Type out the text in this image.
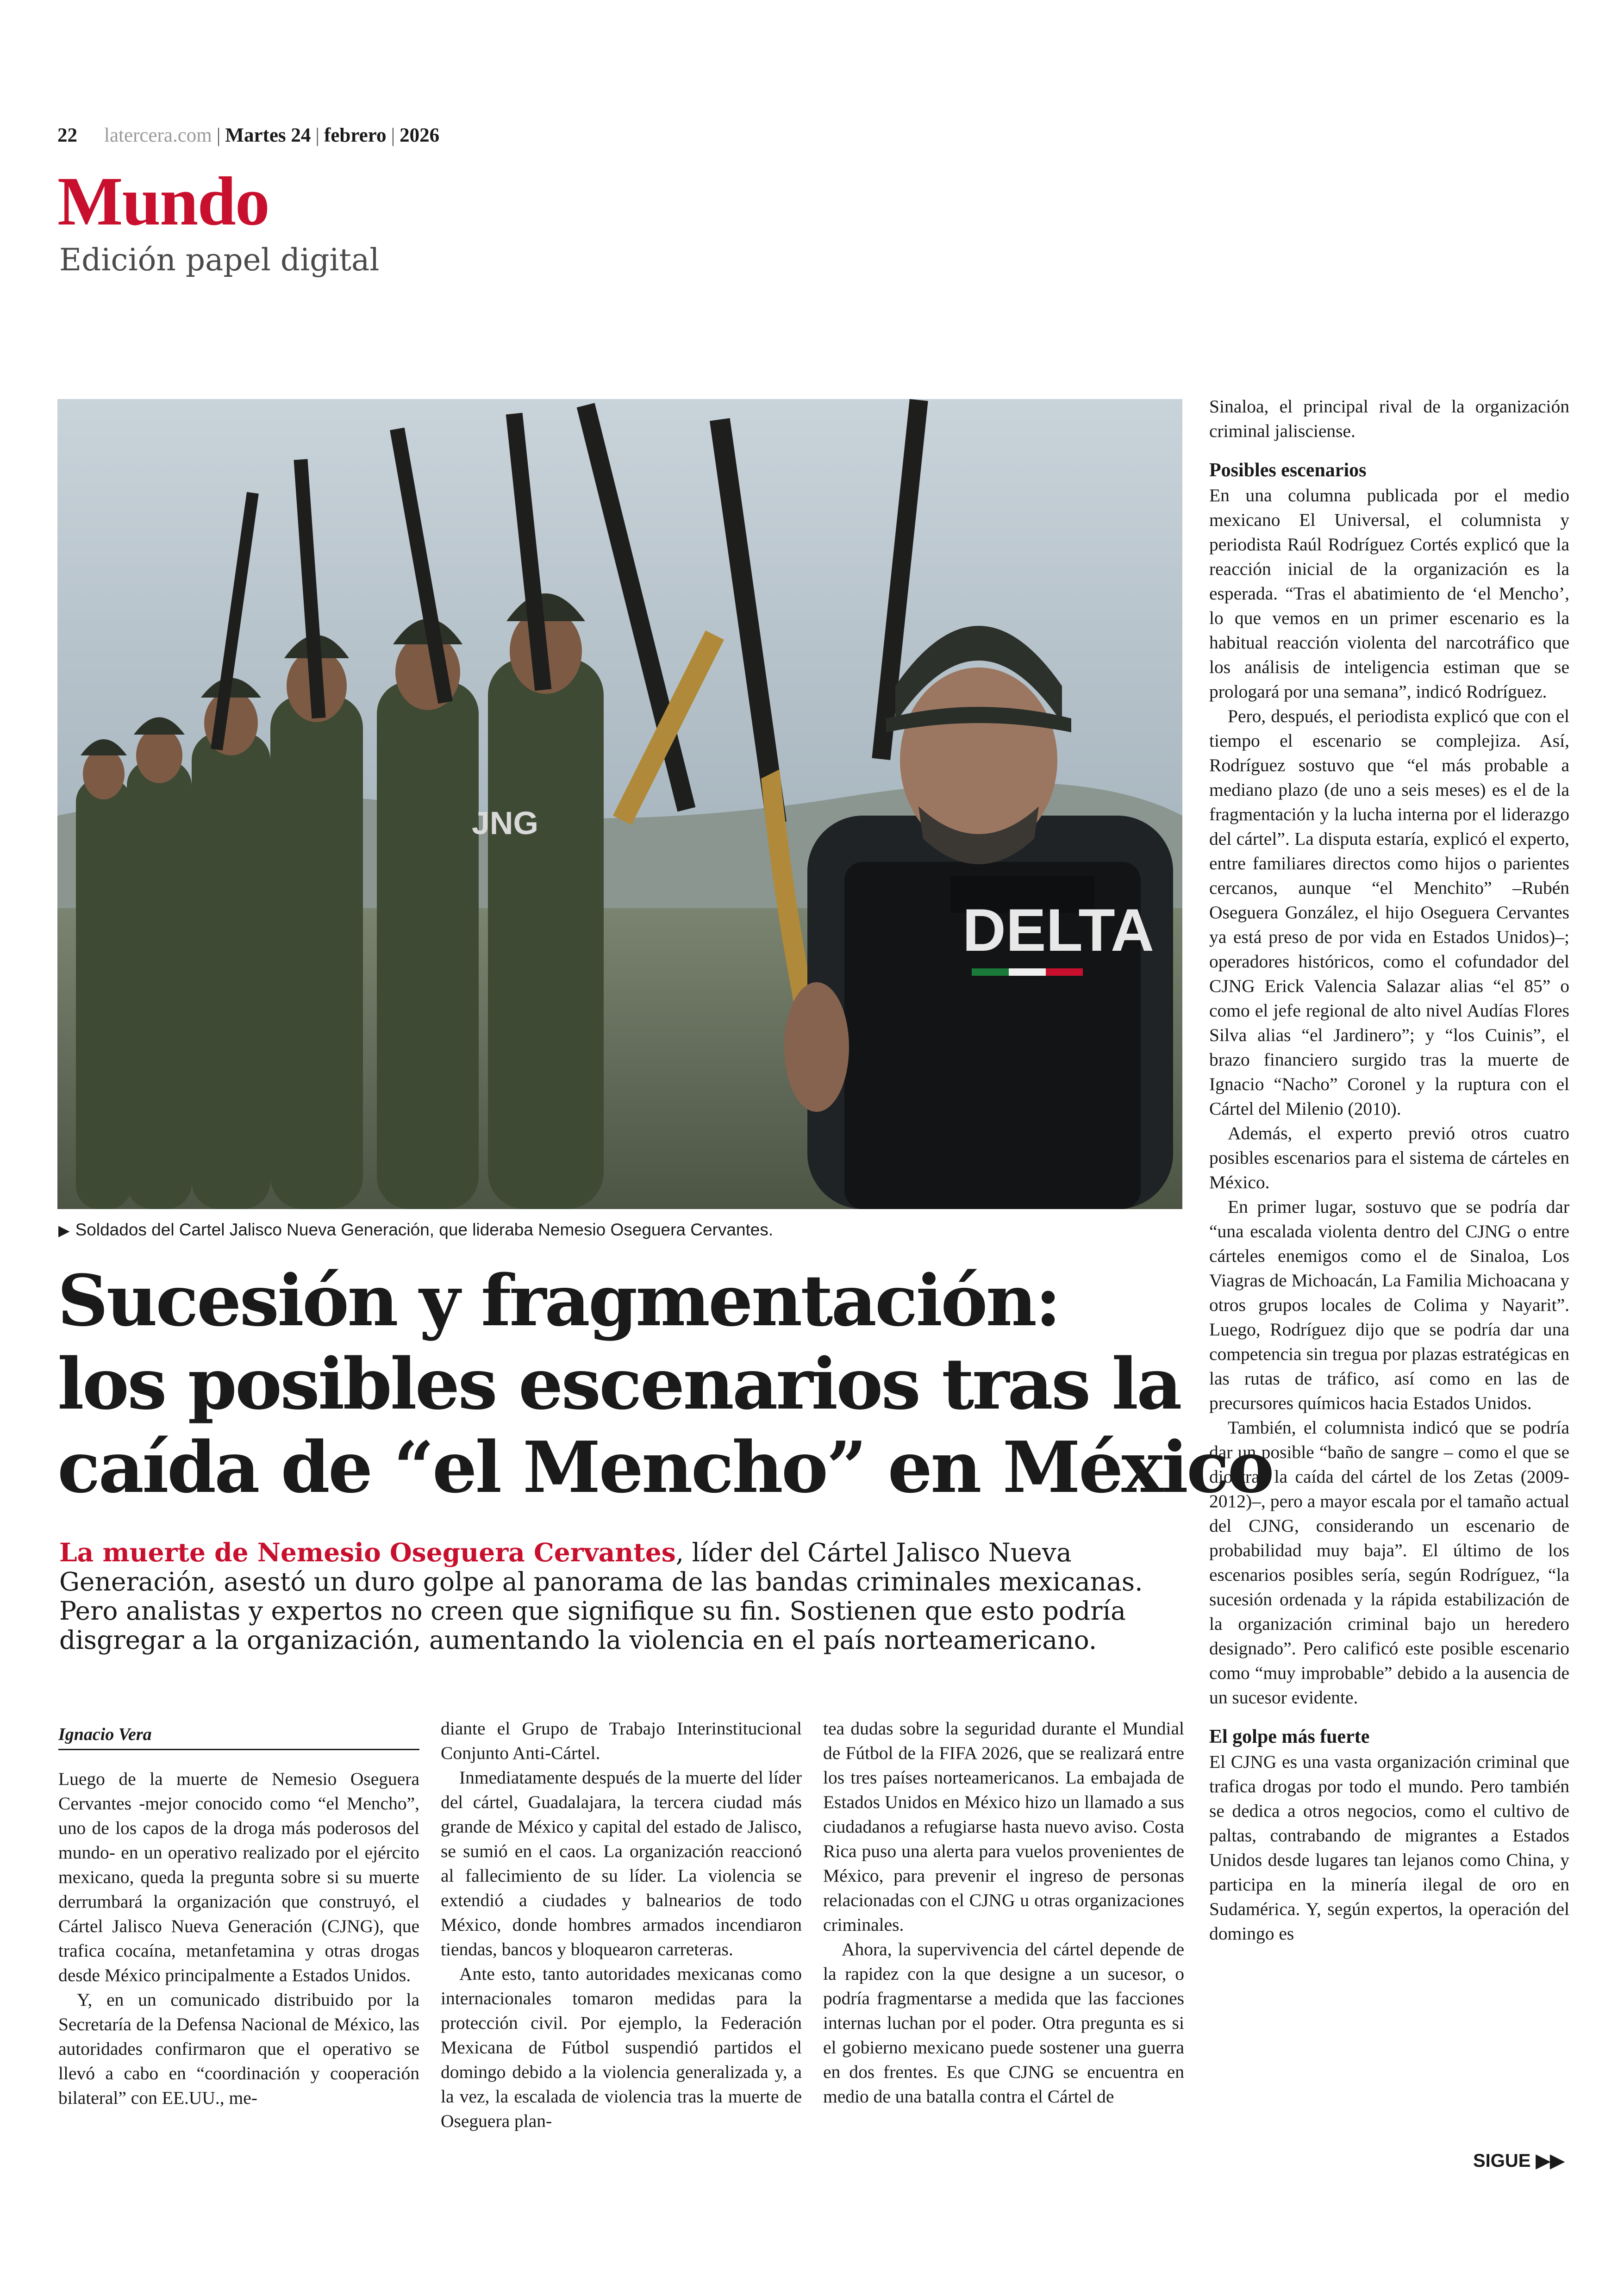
22 latercera.com | Martes 24 | febrero | 2026
Mundo
Edición papel digital
DELTA
JNG
▶ Soldados del Cartel Jalisco Nueva Generación, que lideraba Nemesio Oseguera Cervantes.
Sucesión y fragmentación:
los posibles escenarios tras la
caída de “el Mencho” en México

La muerte de Nemesio Oseguera Cervantes, líder del Cártel Jalisco Nueva Generación, asestó un duro golpe al panorama de las bandas criminales mexicanas. Pero analistas y expertos no creen que signifique su fin. Sostienen que esto podría disgregar a la organización, aumentando la violencia en el país norteamericano.

Ignacio Vera

Luego de la muerte de Nemesio Oseguera Cervantes -mejor conocido como “el Mencho”, uno de los capos de la droga más poderosos del mundo- en un operativo realizado por el ejército mexicano, queda la pregunta sobre si su muerte derrumbará la organización que construyó, el Cártel Jalisco Nueva Generación (CJNG), que trafica cocaína, metanfetamina y otras drogas desde México principalmente a Estados Unidos.

Y, en un comunicado distribuido por la Secretaría de la Defensa Nacional de México, las autoridades confirmaron que el operativo se llevó a cabo en “coordinación y cooperación bilateral” con EE.UU., me-

diante el Grupo de Trabajo Interinstitucional Conjunto Anti-Cártel.

Inmediatamente después de la muerte del líder del cártel, Guadalajara, la tercera ciudad más grande de México y capital del estado de Jalisco, se sumió en el caos. La organización reaccionó al fallecimiento de su líder. La violencia se extendió a ciudades y balnearios de todo México, donde hombres armados incendiaron tiendas, bancos y bloquearon carreteras.

Ante esto, tanto autoridades mexicanas como internacionales tomaron medidas para la protección civil. Por ejemplo, la Federación Mexicana de Fútbol suspendió partidos el domingo debido a la violencia generalizada y, a la vez, la escalada de violencia tras la muerte de Oseguera plan-

tea dudas sobre la seguridad durante el Mundial de Fútbol de la FIFA 2026, que se realizará entre los tres países norteamericanos. La embajada de Estados Unidos en México hizo un llamado a sus ciudadanos a refugiarse hasta nuevo aviso. Costa Rica puso una alerta para vuelos provenientes de México, para prevenir el ingreso de personas relacionadas con el CJNG u otras organizaciones criminales.

Ahora, la supervivencia del cártel depende de la rapidez con la que designe a un sucesor, o podría fragmentarse a medida que las facciones internas luchan por el poder. Otra pregunta es si el gobierno mexicano puede sostener una guerra en dos frentes. Es que CJNG se encuentra en medio de una batalla contra el Cártel de

Sinaloa, el principal rival de la organización criminal jalisciense.

Posibles escenarios

En una columna publicada por el medio mexicano El Universal, el columnista y periodista Raúl Rodríguez Cortés explicó que la reacción inicial de la organización es la esperada. “Tras el abatimiento de ‘el Mencho’, lo que vemos en un primer escenario es la habitual reacción violenta del narcotráfico que los análisis de inteligencia estiman que se prologará por una semana”, indicó Rodríguez.

Pero, después, el periodista explicó que con el tiempo el escenario se complejiza. Así, Rodríguez sostuvo que “el más probable a mediano plazo (de uno a seis meses) es el de la fragmentación y la lucha interna por el liderazgo del cártel”. La disputa estaría, explicó el experto, entre familiares directos como hijos o parientes cercanos, aunque “el Menchito” –Rubén Oseguera González, el hijo Oseguera Cervantes ya está preso de por vida en Estados Unidos)–; operadores históricos, como el cofundador del CJNG Erick Valencia Salazar alias “el 85” o como el jefe regional de alto nivel Audías Flores Silva alias “el Jardinero”; y “los Cuinis”, el brazo financiero surgido tras la muerte de Ignacio “Nacho” Coronel y la ruptura con el Cártel del Milenio (2010).

Además, el experto previó otros cuatro posibles escenarios para el sistema de cárteles en México.

En primer lugar, sostuvo que se podría dar “una escalada violenta dentro del CJNG o entre cárteles enemigos como el de Sinaloa, Los Viagras de Michoacán, La Familia Michoacana y otros grupos locales de Colima y Nayarit”. Luego, Rodríguez dijo que se podría dar una competencia sin tregua por plazas estratégicas en las rutas de tráfico, así como en las de precursores químicos hacia Estados Unidos.

También, el columnista indicó que se podría dar un posible “baño de sangre – como el que se dio tras la caída del cártel de los Zetas (2009-2012)–, pero a mayor escala por el tamaño actual del CJNG, considerando un escenario de probabilidad muy baja”. El último de los escenarios posibles sería, según Rodríguez, “la sucesión ordenada y la rápida estabilización de la organización criminal bajo un heredero designado”. Pero calificó este posible escenario como “muy improbable” debido a la ausencia de un sucesor evidente.

El golpe más fuerte

El CJNG es una vasta organización criminal que trafica drogas por todo el mundo. Pero también se dedica a otros negocios, como el cultivo de paltas, contrabando de migrantes a Estados Unidos desde lugares tan lejanos como China, y participa en la minería ilegal de oro en Sudamérica. Y, según expertos, la operación del domingo es

SIGUE ▶▶
